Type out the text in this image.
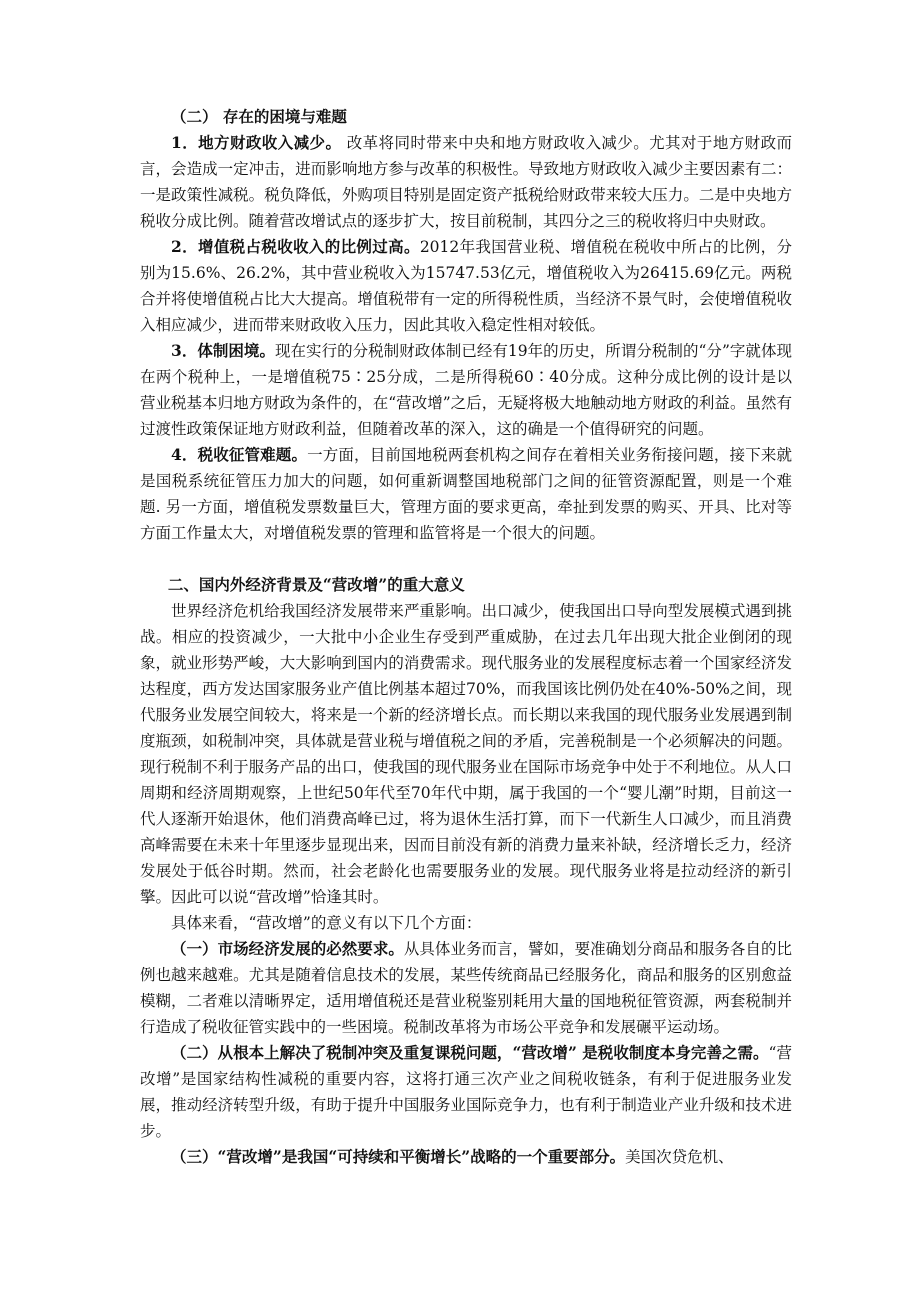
（二） 存在的困境与难题

1．地方财政收入减少。 改革将同时带来中央和地方财政收入减少。尤其对于地方财政而言，会造成一定冲击，进而影响地方参与改革的积极性。导致地方财政收入减少主要因素有二：一是政策性减税。税负降低，外购项目特别是固定资产抵税给财政带来较大压力。二是中央地方税收分成比例。随着营改增试点的逐步扩大，按目前税制，其四分之三的税收将归中央财政。

2．增值税占税收收入的比例过高。2012年我国营业税、增值税在税收中所占的比例，分别为15.6%、26.2%，其中营业税收入为15747.53亿元，增值税收入为26415.69亿元。两税合并将使增值税占比大大提高。增值税带有一定的所得税性质，当经济不景气时，会使增值税收入相应减少，进而带来财政收入压力，因此其收入稳定性相对较低。

3．体制困境。现在实行的分税制财政体制已经有19年的历史，所谓分税制的“分”字就体现在两个税种上，一是增值税75∶25分成，二是所得税60∶40分成。这种分成比例的设计是以营业税基本归地方财政为条件的，在“营改增”之后，无疑将极大地触动地方财政的利益。虽然有过渡性政策保证地方财政利益，但随着改革的深入，这的确是一个值得研究的问题。

4．税收征管难题。一方面，目前国地税两套机构之间存在着相关业务衔接问题，接下来就是国税系统征管压力加大的问题，如何重新调整国地税部门之间的征管资源配置，则是一个难题. 另一方面，增值税发票数量巨大，管理方面的要求更高，牵扯到发票的购买、开具、比对等方面工作量太大，对增值税发票的管理和监管将是一个很大的问题。

二、国内外经济背景及“营改增”的重大意义

世界经济危机给我国经济发展带来严重影响。出口减少，使我国出口导向型发展模式遇到挑战。相应的投资减少，一大批中小企业生存受到严重威胁，在过去几年出现大批企业倒闭的现象，就业形势严峻，大大影响到国内的消费需求。现代服务业的发展程度标志着一个国家经济发达程度，西方发达国家服务业产值比例基本超过70%，而我国该比例仍处在40%-50%之间，现代服务业发展空间较大，将来是一个新的经济增长点。而长期以来我国的现代服务业发展遇到制度瓶颈，如税制冲突，具体就是营业税与增值税之间的矛盾，完善税制是一个必须解决的问题。现行税制不利于服务产品的出口，使我国的现代服务业在国际市场竞争中处于不利地位。从人口周期和经济周期观察，上世纪50年代至70年代中期，属于我国的一个“婴儿潮”时期，目前这一代人逐渐开始退休，他们消费高峰已过，将为退休生活打算，而下一代新生人口减少，而且消费高峰需要在未来十年里逐步显现出来，因而目前没有新的消费力量来补缺，经济增长乏力，经济发展处于低谷时期。然而，社会老龄化也需要服务业的发展。现代服务业将是拉动经济的新引擎。因此可以说“营改增”恰逢其时。

具体来看，“营改增”的意义有以下几个方面：

（一）市场经济发展的必然要求。从具体业务而言，譬如，要准确划分商品和服务各自的比例也越来越难。尤其是随着信息技术的发展，某些传统商品已经服务化，商品和服务的区别愈益模糊，二者难以清晰界定，适用增值税还是营业税鉴别耗用大量的国地税征管资源，两套税制并行造成了税收征管实践中的一些困境。税制改革将为市场公平竞争和发展碾平运动场。

（二）从根本上解决了税制冲突及重复课税问题，“营改增” 是税收制度本身完善之需。“营改增”是国家结构性减税的重要内容，这将打通三次产业之间税收链条，有利于促进服务业发展，推动经济转型升级，有助于提升中国服务业国际竞争力，也有利于制造业产业升级和技术进步。

（三）“营改增”是我国“可持续和平衡增长”战略的一个重要部分。美国次贷危机、
